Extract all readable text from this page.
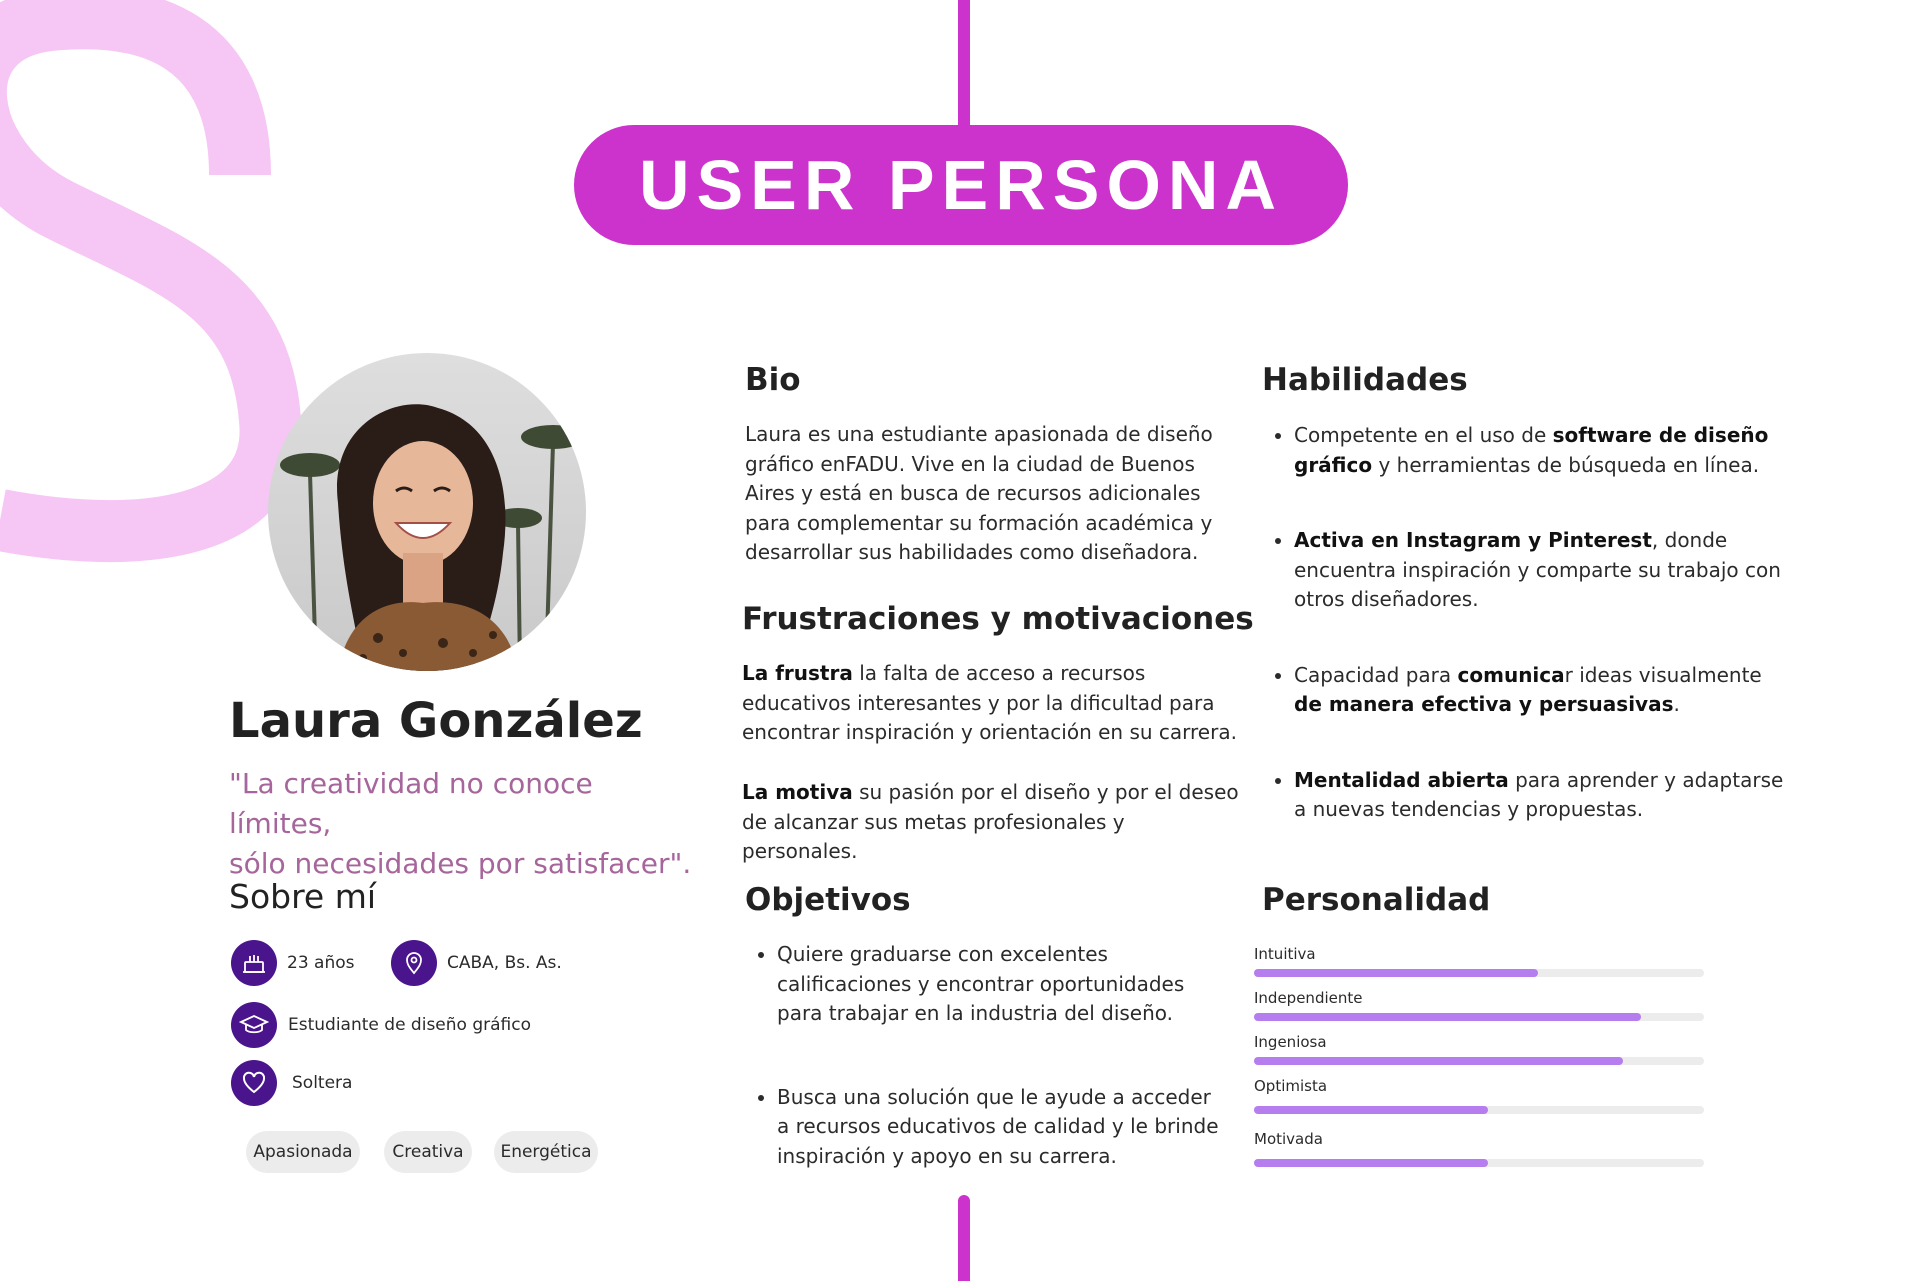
USER PERSONA
Laura González

"La creatividad no conoce límites,
sólo necesidades por satisfacer".

Sobre mí
23 años	CABA, Bs. As.
Estudiante de diseño gráfico
Soltera
Apasionada	Creativa	Energética
Bio

Laura es una estudiante apasionada de diseño gráfico enFADU. Vive en la ciudad de Buenos Aires y está en busca de recursos adicionales para complementar su formación académica y desarrollar sus habilidades como diseñadora.

Frustraciones y motivaciones

La frustra la falta de acceso a recursos educativos interesantes y por la dificultad para encontrar inspiración y orientación en su carrera.

La motiva su pasión por el diseño y por el deseo de alcanzar sus metas profesionales y personales.

Objetivos
• Quiere graduarse con excelentes calificaciones y encontrar oportunidades para trabajar en la industria del diseño.
• Busca una solución que le ayude a acceder a recursos educativos de calidad y le brinde inspiración y apoyo en su carrera.
Habilidades
• Competente en el uso de software de diseño gráfico y herramientas de búsqueda en línea.
• Activa en Instagram y Pinterest, donde encuentra inspiración y comparte su trabajo con otros diseñadores.
• Capacidad para comunicar ideas visualmente de manera efectiva y persuasivas.
• Mentalidad abierta para aprender y adaptarse a nuevas tendencias y propuestas.
Personalidad
Intuitiva
Independiente
Ingeniosa
Optimista
Motivada
